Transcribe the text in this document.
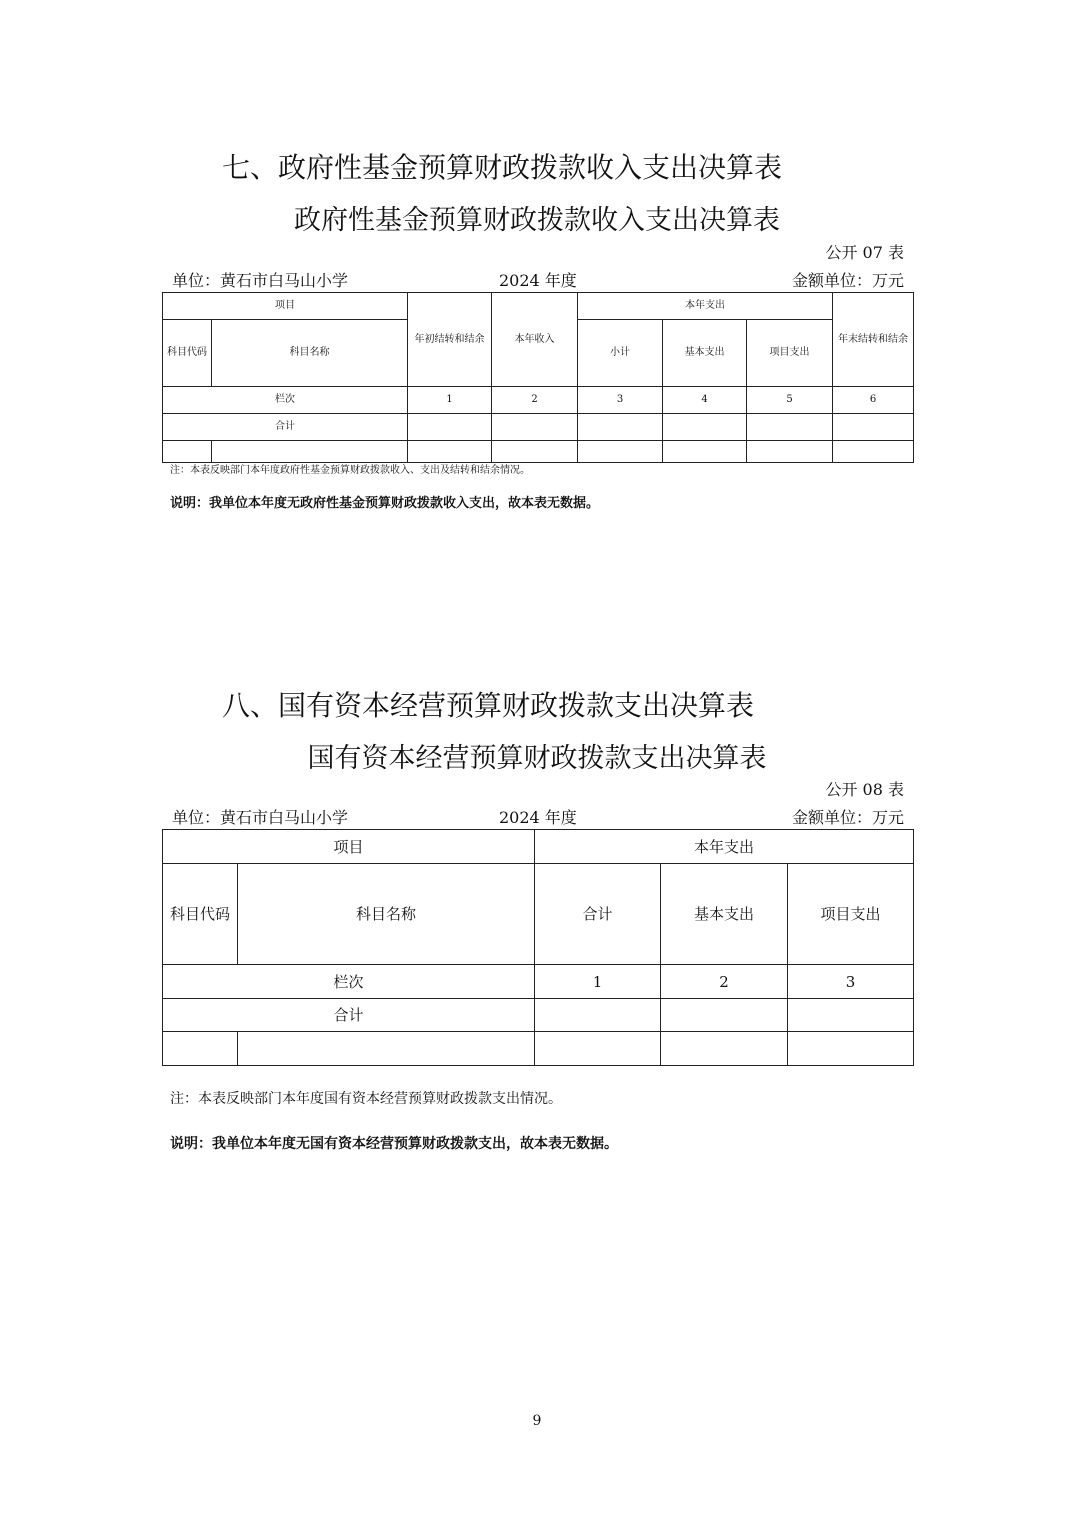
七、政府性基金预算财政拨款收入支出决算表
政府性基金预算财政拨款收入支出决算表
公开 07 表
单位：黄石市白马山小学	2024 年度	金额单位：万元
项目		年初结转和结余	本年收入	本年支出			年末结转和结余
科目代码	科目名称			小计	基本支出	项目支出	
栏次		1	2	3	4	5	6
合计							

注：本表反映部门本年度政府性基金预算财政拨款收入、支出及结转和结余情况。
说明：我单位本年度无政府性基金预算财政拨款收入支出，故本表无数据。
八、国有资本经营预算财政拨款支出决算表
国有资本经营预算财政拨款支出决算表
公开 08 表
单位：黄石市白马山小学	2024 年度	金额单位：万元
项目		本年支出		
科目代码	科目名称	合计	基本支出	项目支出
栏次		1	2	3
合计				

注：本表反映部门本年度国有资本经营预算财政拨款支出情况。
说明：我单位本年度无国有资本经营预算财政拨款支出，故本表无数据。
9
